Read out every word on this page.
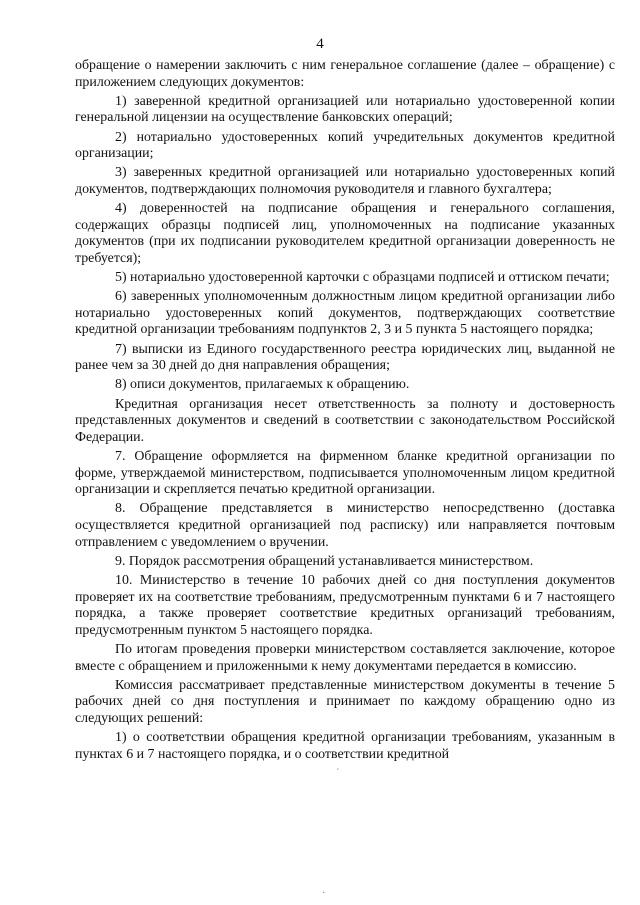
4

обращение о намерении заключить с ним генеральное соглашение (далее – обращение) с приложением следующих документов:

1) заверенной кредитной организацией или нотариально удостоверенной копии генеральной лицензии на осуществление банковских операций;

2) нотариально удостоверенных копий учредительных документов кредитной организации;

3) заверенных кредитной организацией или нотариально удостоверенных копий документов, подтверждающих полномочия руководителя и главного бухгалтера;

4) доверенностей на подписание обращения и генерального соглашения, содержащих образцы подписей лиц, уполномоченных на подписание указанных документов (при их подписании руководителем кредитной организации доверенность не требуется);

5) нотариально удостоверенной карточки с образцами подписей и оттиском печати;

6) заверенных уполномоченным должностным лицом кредитной организации либо нотариально удостоверенных копий документов, подтверждающих соответствие кредитной организации требованиям подпунктов 2, 3 и 5 пункта 5 настоящего порядка;

7) выписки из Единого государственного реестра юридических лиц, выданной не ранее чем за 30 дней до дня направления обращения;

8) описи документов, прилагаемых к обращению.

Кредитная организация несет ответственность за полноту и достоверность представленных документов и сведений в соответствии с законодательством Российской Федерации.

7. Обращение оформляется на фирменном бланке кредитной организации по форме, утверждаемой министерством, подписывается уполномоченным лицом кредитной организации и скрепляется печатью кредитной организации.

8. Обращение представляется в министерство непосредственно (доставка осуществляется кредитной организацией под расписку) или направляется почтовым отправлением с уведомлением о вручении.

9. Порядок рассмотрения обращений устанавливается министерством.

10. Министерство в течение 10 рабочих дней со дня поступления документов проверяет их на соответствие требованиям, предусмотренным пунктами 6 и 7 настоящего порядка, а также проверяет соответствие кредитных организаций требованиям, предусмотренным пунктом 5 настоящего порядка.

По итогам проведения проверки министерством составляется заключение, которое вместе с обращением и приложенными к нему документами передается в комиссию.

Комиссия рассматривает представленные министерством документы в течение 5 рабочих дней со дня поступления и принимает по каждому обращению одно из следующих решений:

1) о соответствии обращения кредитной организации требованиям, указанным в пунктах 6 и 7 настоящего порядка, и о соответствии кредитной

ˊ
·
